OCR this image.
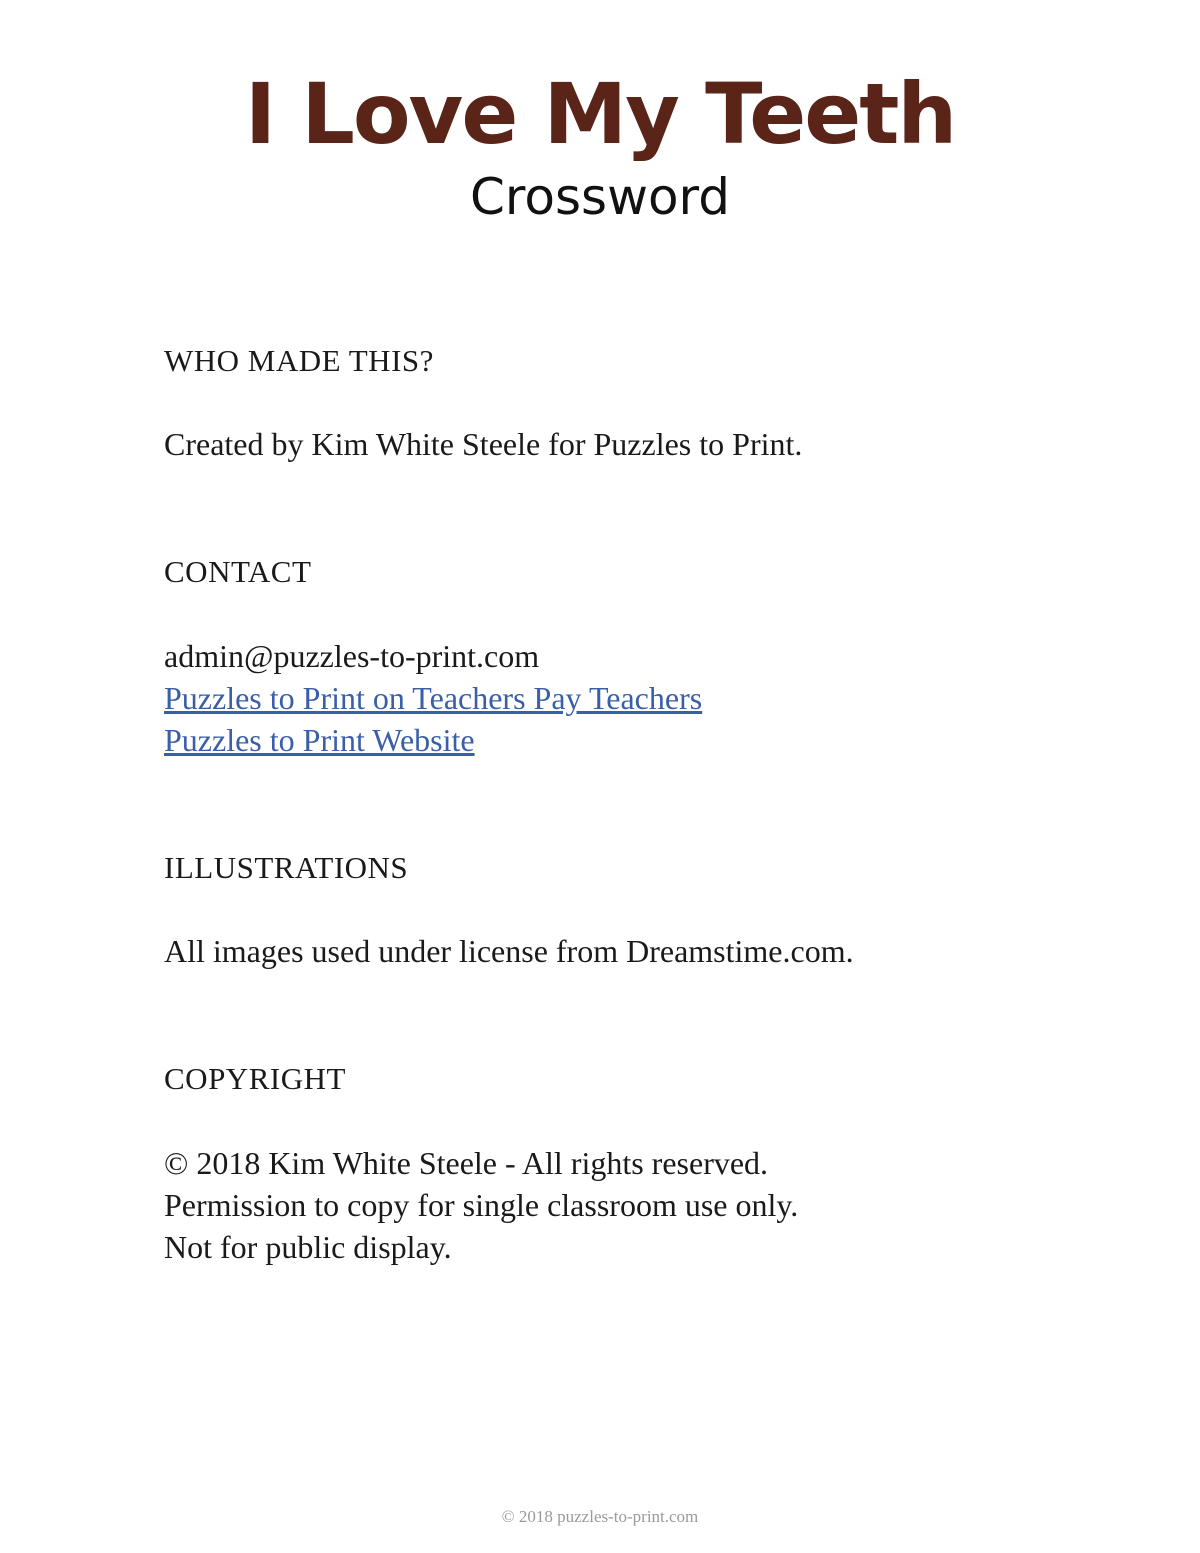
I Love My Teeth
Crossword
WHO MADE THIS?
Created by Kim White Steele for Puzzles to Print.
CONTACT
admin@puzzles-to-print.com
Puzzles to Print on Teachers Pay Teachers
Puzzles to Print Website
ILLUSTRATIONS
All images used under license from Dreamstime.com.
COPYRIGHT
© 2018 Kim White Steele - All rights reserved.
Permission to copy for single classroom use only.
Not for public display.
© 2018 puzzles-to-print.com
